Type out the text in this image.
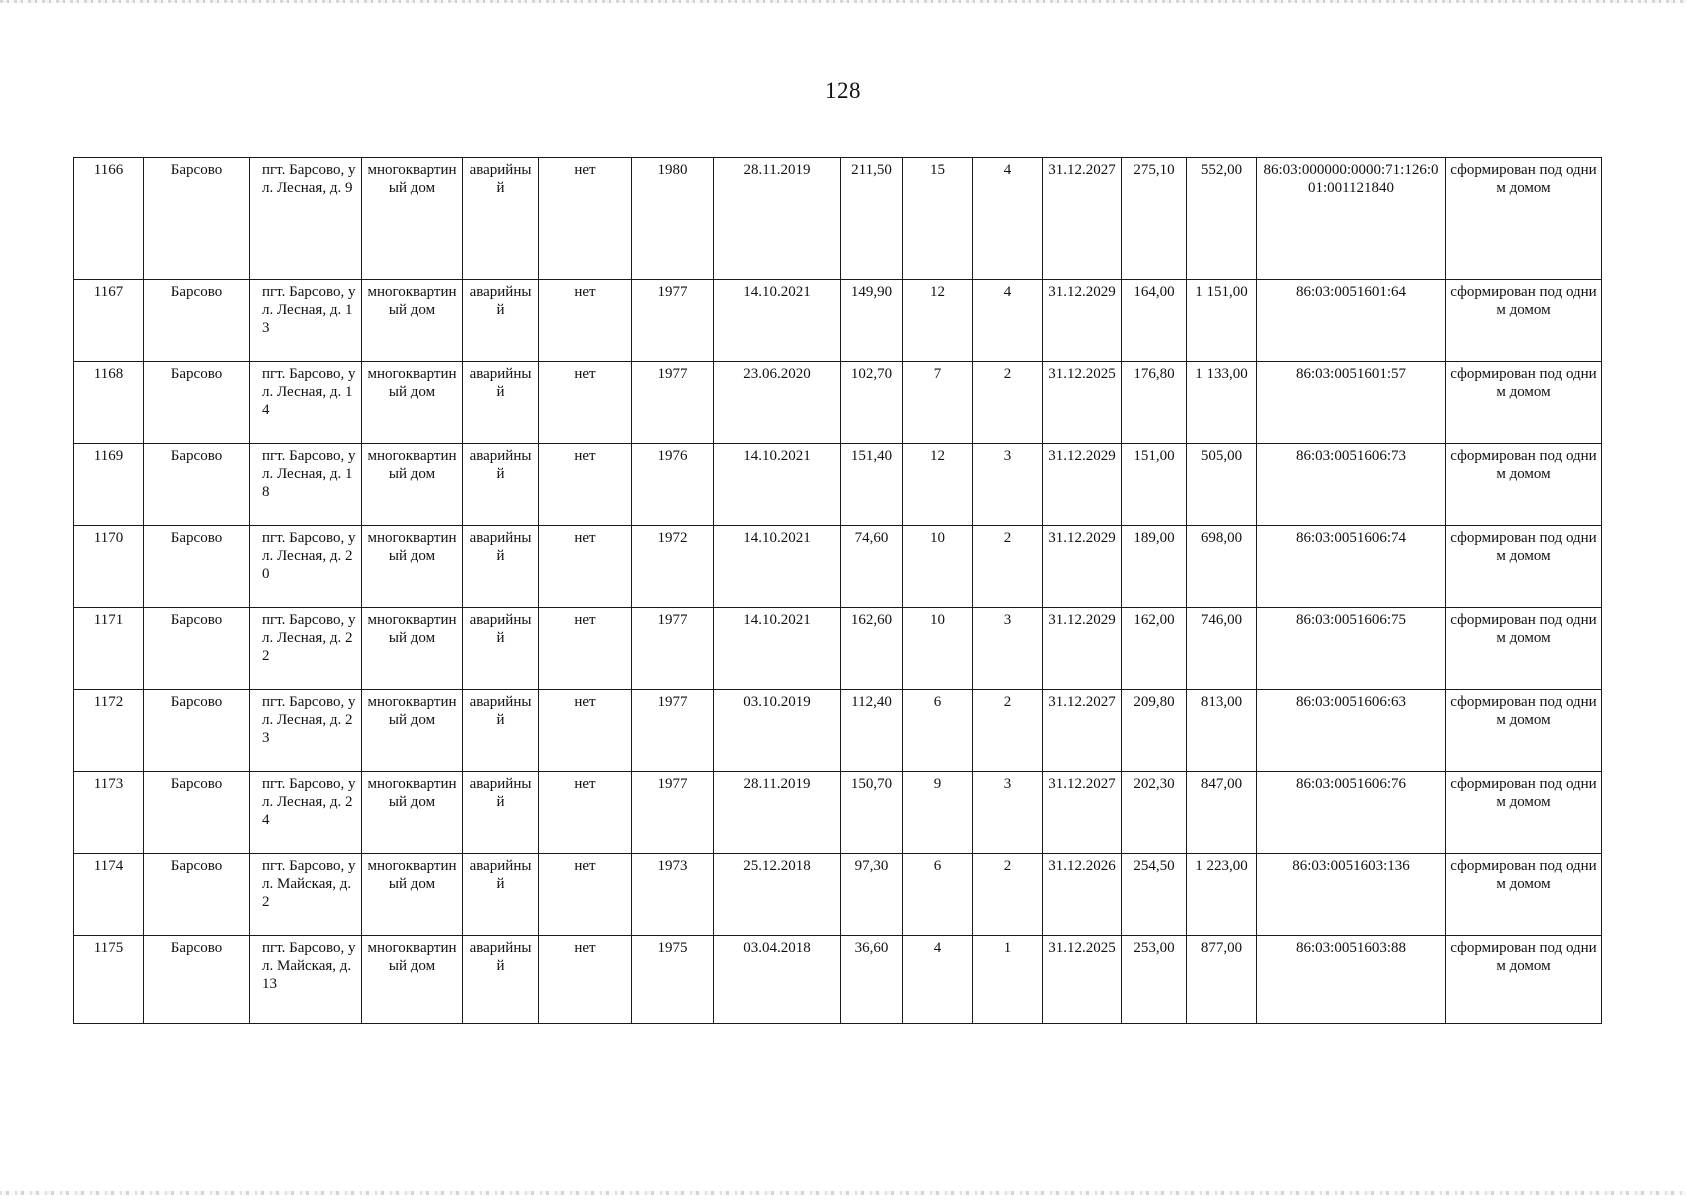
128
1166	Барсово	пгт. Барсово, ул. Лесная, д. 9	многоквартиный дом	аварийный	нет	1980	28.11.2019	211,50	15	4	31.12.2027	275,10	552,00	86:03:000000:0000:71:126:001:001121840	сформирован под одним домом
1167	Барсово	пгт. Барсово, ул. Лесная, д. 13	многоквартиный дом	аварийный	нет	1977	14.10.2021	149,90	12	4	31.12.2029	164,00	1 151,00	86:03:0051601:64	сформирован под одним домом
1168	Барсово	пгт. Барсово, ул. Лесная, д. 14	многоквартиный дом	аварийный	нет	1977	23.06.2020	102,70	7	2	31.12.2025	176,80	1 133,00	86:03:0051601:57	сформирован под одним домом
1169	Барсово	пгт. Барсово, ул. Лесная, д. 18	многоквартиный дом	аварийный	нет	1976	14.10.2021	151,40	12	3	31.12.2029	151,00	505,00	86:03:0051606:73	сформирован под одним домом
1170	Барсово	пгт. Барсово, ул. Лесная, д. 20	многоквартиный дом	аварийный	нет	1972	14.10.2021	74,60	10	2	31.12.2029	189,00	698,00	86:03:0051606:74	сформирован под одним домом
1171	Барсово	пгт. Барсово, ул. Лесная, д. 22	многоквартиный дом	аварийный	нет	1977	14.10.2021	162,60	10	3	31.12.2029	162,00	746,00	86:03:0051606:75	сформирован под одним домом
1172	Барсово	пгт. Барсово, ул. Лесная, д. 23	многоквартиный дом	аварийный	нет	1977	03.10.2019	112,40	6	2	31.12.2027	209,80	813,00	86:03:0051606:63	сформирован под одним домом
1173	Барсово	пгт. Барсово, ул. Лесная, д. 24	многоквартиный дом	аварийный	нет	1977	28.11.2019	150,70	9	3	31.12.2027	202,30	847,00	86:03:0051606:76	сформирован под одним домом
1174	Барсово	пгт. Барсово, ул. Майская, д. 2	многоквартиный дом	аварийный	нет	1973	25.12.2018	97,30	6	2	31.12.2026	254,50	1 223,00	86:03:0051603:136	сформирован под одним домом
1175	Барсово	пгт. Барсово, ул. Майская, д. 13	многоквартиный дом	аварийный	нет	1975	03.04.2018	36,60	4	1	31.12.2025	253,00	877,00	86:03:0051603:88	сформирован под одним домом
